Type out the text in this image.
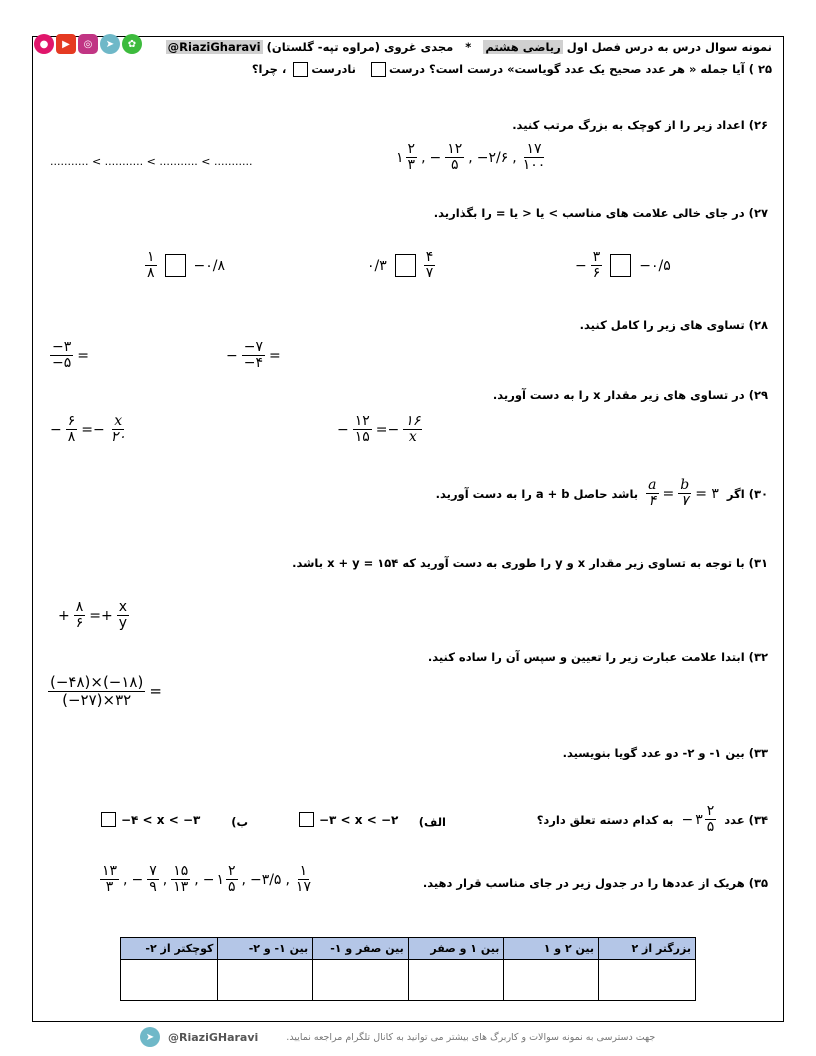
●	▶	◎	➤	✿	نمونه سوال درس به درس فصل اول ریاضی هشتم   *   مجدی غروی (مراوه تپه- گلستان) @RiaziGharavi
۲۵ ) آیا جمله « هر عدد صحیح یک عدد گویاست» درست است؟ درست   نادرست ، چرا؟
۲۶) اعداد زیر را از کوچک به بزرگ مرتب کنید.
۱ $\frac{۲}{۳}$ , − $\frac{۱۲}{۵}$ , −۲/۶ , $\frac{۱۷}{۱۰۰}$
........... < ........... < ........... < ...........
۲۷) در جای خالی علامت های مناسب > یا < یا = را بگذارید.
$\frac{۱}{۸}$	−۰/۸	۰/۳	$\frac{۴}{۷}$	− $\frac{۳}{۶}$	−۰/۵
۲۸) تساوی های زیر را کامل کنید.
$\frac{-۳}{-۵}$ =	− $\frac{-۷}{-۴}$ =
۲۹) در تساوی های زیر مقدار x را به دست آورید.
− $\frac{۶}{۸} =- \frac{x}{۲۰}$	− $\frac{۱۲}{۱۵} =- \frac{۱۶}{x}$
۳۰) اگر
$\frac{a}{۴} = \frac{b}{۷}$ = ۳
باشد حاصل a + b را به دست آورید.
۳۱) با توجه به تساوی زیر مقدار x و y را طوری به دست آورید که x + y = ۱۵۴ باشد.
+ $\frac{۸}{۶} =+ \frac{x}{y}$
۳۲) ابتدا علامت عبارت زیر را تعیین و سپس آن را ساده کنید.
$\frac{(-۴۸)\times(-۱۸)}{(-۲۷)\times ۳۲}$ =
۳۳) بین ۱- و ۲- دو عدد گویا بنویسید.
۳۴) عدد
− ۳ $\frac{۲}{۵}$
به کدام دسته تعلق دارد؟
الف)
−۳ < x < −۲
ب)
−۴ < x < −۳
۳۵) هریک از عددها را در جدول زیر در جای مناسب قرار دهید.
$\frac{۱۳}{۳}$ , − $\frac{۷}{۹}$ , $\frac{۱۵}{۱۳}$ , − ۱ $\frac{۲}{۵}$ , −۳/۵ , $\frac{۱}{۱۷}$
کوچکتر از ۲-	بین ۱- و ۲-	بین صفر و ۱-	بین ۱ و صفر	بین ۲ و ۱	بزرگتر از ۲

➤	@RiaziGHaravi	جهت دسترسی به نمونه سوالات و کاربرگ های بیشتر می توانید به کانال تلگرام مراجعه نمایید.
